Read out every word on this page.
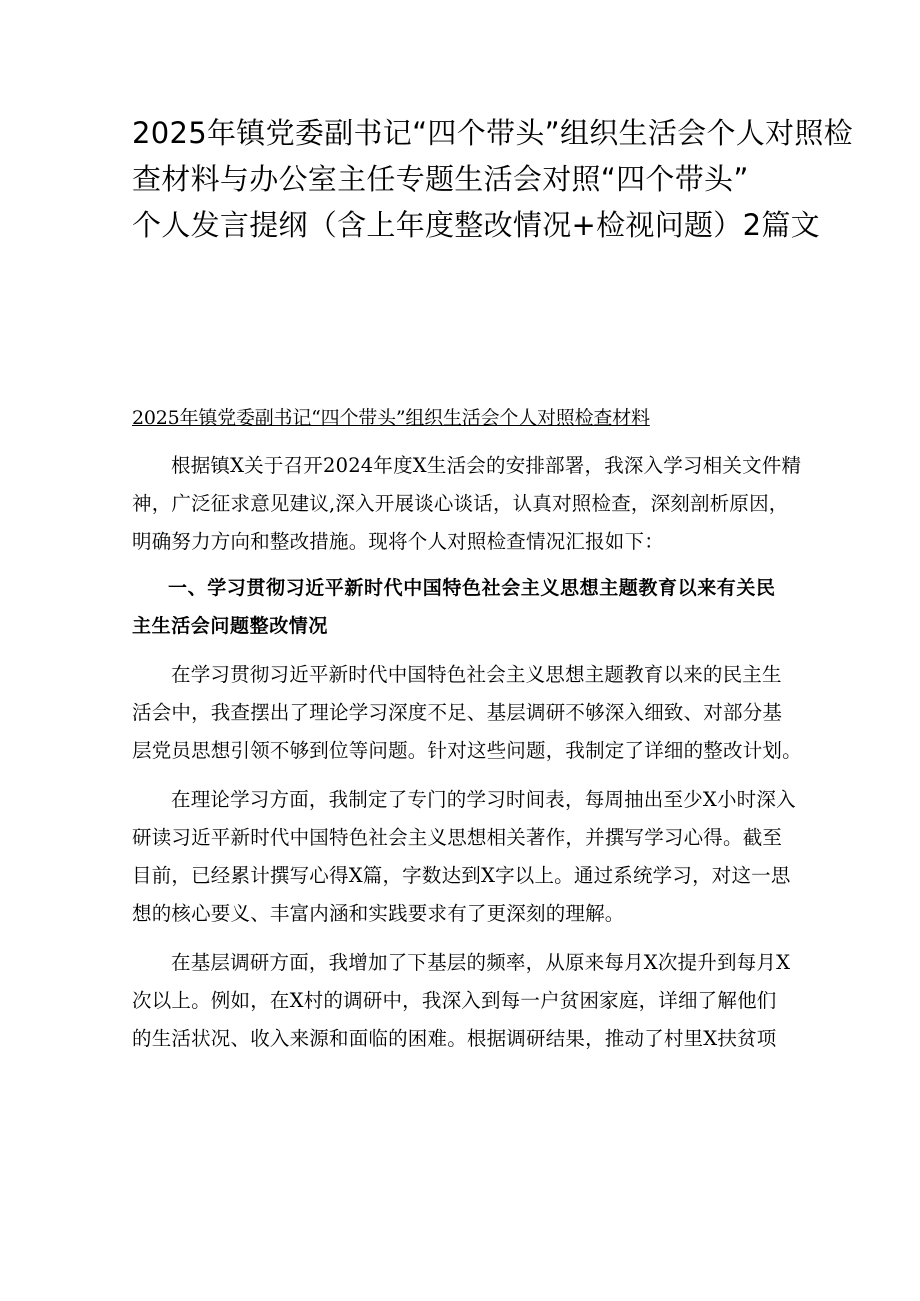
2025年镇党委副书记“四个带头”组织生活会个人对照检
查材料与办公室主任专题生活会对照“四个带头”
个人发言提纲（含上年度整改情况+检视问题）2篇文
2025年镇党委副书记“四个带头”组织生活会个人对照检查材料
根据镇X关于召开2024年度X生活会的安排部署，我深入学习相关文件精
神，广泛征求意见建议,深入开展谈心谈话，认真对照检查，深刻剖析原因，
明确努力方向和整改措施。现将个人对照检查情况汇报如下：
一、学习贯彻习近平新时代中国特色社会主义思想主题教育以来有关民
主生活会问题整改情况
在学习贯彻习近平新时代中国特色社会主义思想主题教育以来的民主生
活会中，我查摆出了理论学习深度不足、基层调研不够深入细致、对部分基
层党员思想引领不够到位等问题。针对这些问题，我制定了详细的整改计划。
在理论学习方面，我制定了专门的学习时间表，每周抽出至少X小时深入
研读习近平新时代中国特色社会主义思想相关著作，并撰写学习心得。截至
目前，已经累计撰写心得X篇，字数达到X字以上。通过系统学习，对这一思
想的核心要义、丰富内涵和实践要求有了更深刻的理解。
在基层调研方面，我增加了下基层的频率，从原来每月X次提升到每月X
次以上。例如，在X村的调研中，我深入到每一户贫困家庭，详细了解他们
的生活状况、收入来源和面临的困难。根据调研结果，推动了村里X扶贫项
